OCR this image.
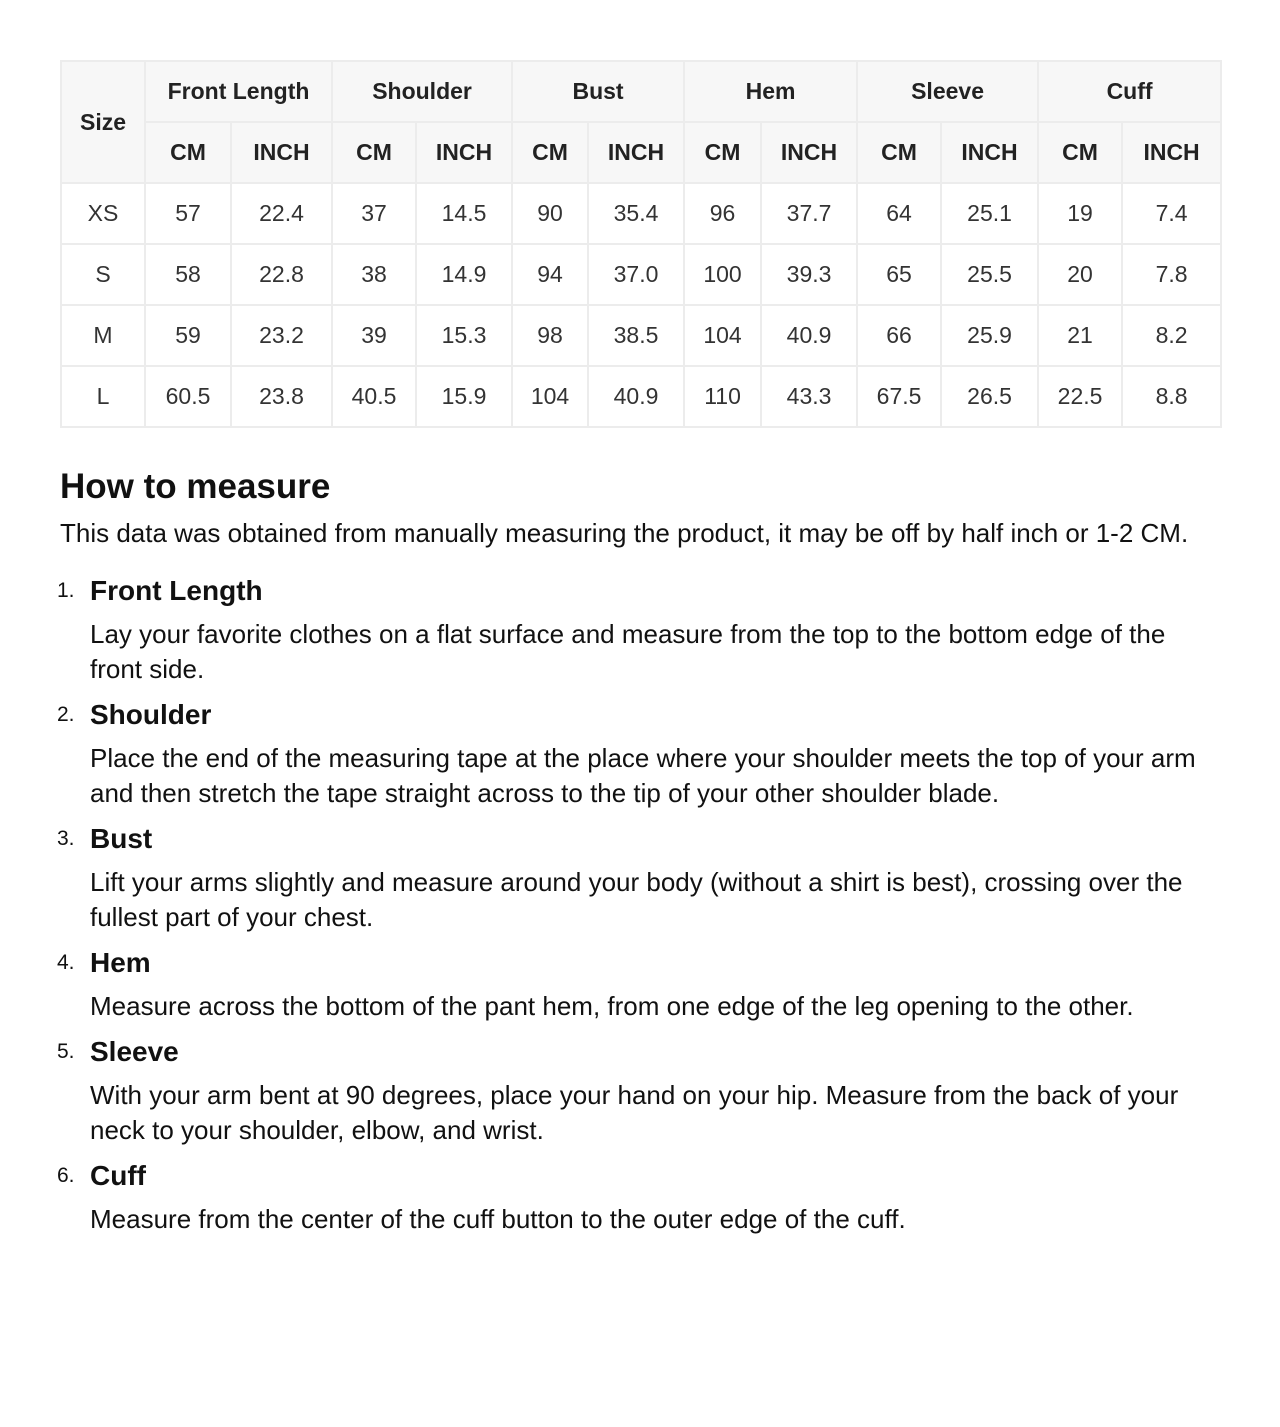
Size	Front Length		Shoulder		Bust		Hem		Sleeve		Cuff	
	CM	INCH	CM	INCH	CM	INCH	CM	INCH	CM	INCH	CM	INCH
XS	57	22.4	37	14.5	90	35.4	96	37.7	64	25.1	19	7.4
S	58	22.8	38	14.9	94	37.0	100	39.3	65	25.5	20	7.8
M	59	23.2	39	15.3	98	38.5	104	40.9	66	25.9	21	8.2
L	60.5	23.8	40.5	15.9	104	40.9	110	43.3	67.5	26.5	22.5	8.8
How to measure

This data was obtained from manually measuring the product, it may be off by half inch or 1-2 CM.

1. Front Length
Lay your favorite clothes on a flat surface and measure from the top to the bottom edge of the front side.
2. Shoulder
Place the end of the measuring tape at the place where your shoulder meets the top of your arm and then stretch the tape straight across to the tip of your other shoulder blade.
3. Bust
Lift your arms slightly and measure around your body (without a shirt is best), crossing over the fullest part of your chest.
4. Hem
Measure across the bottom of the pant hem, from one edge of the leg opening to the other.
5. Sleeve
With your arm bent at 90 degrees, place your hand on your hip. Measure from the back of your neck to your shoulder, elbow, and wrist.
6. Cuff
Measure from the center of the cuff button to the outer edge of the cuff.
